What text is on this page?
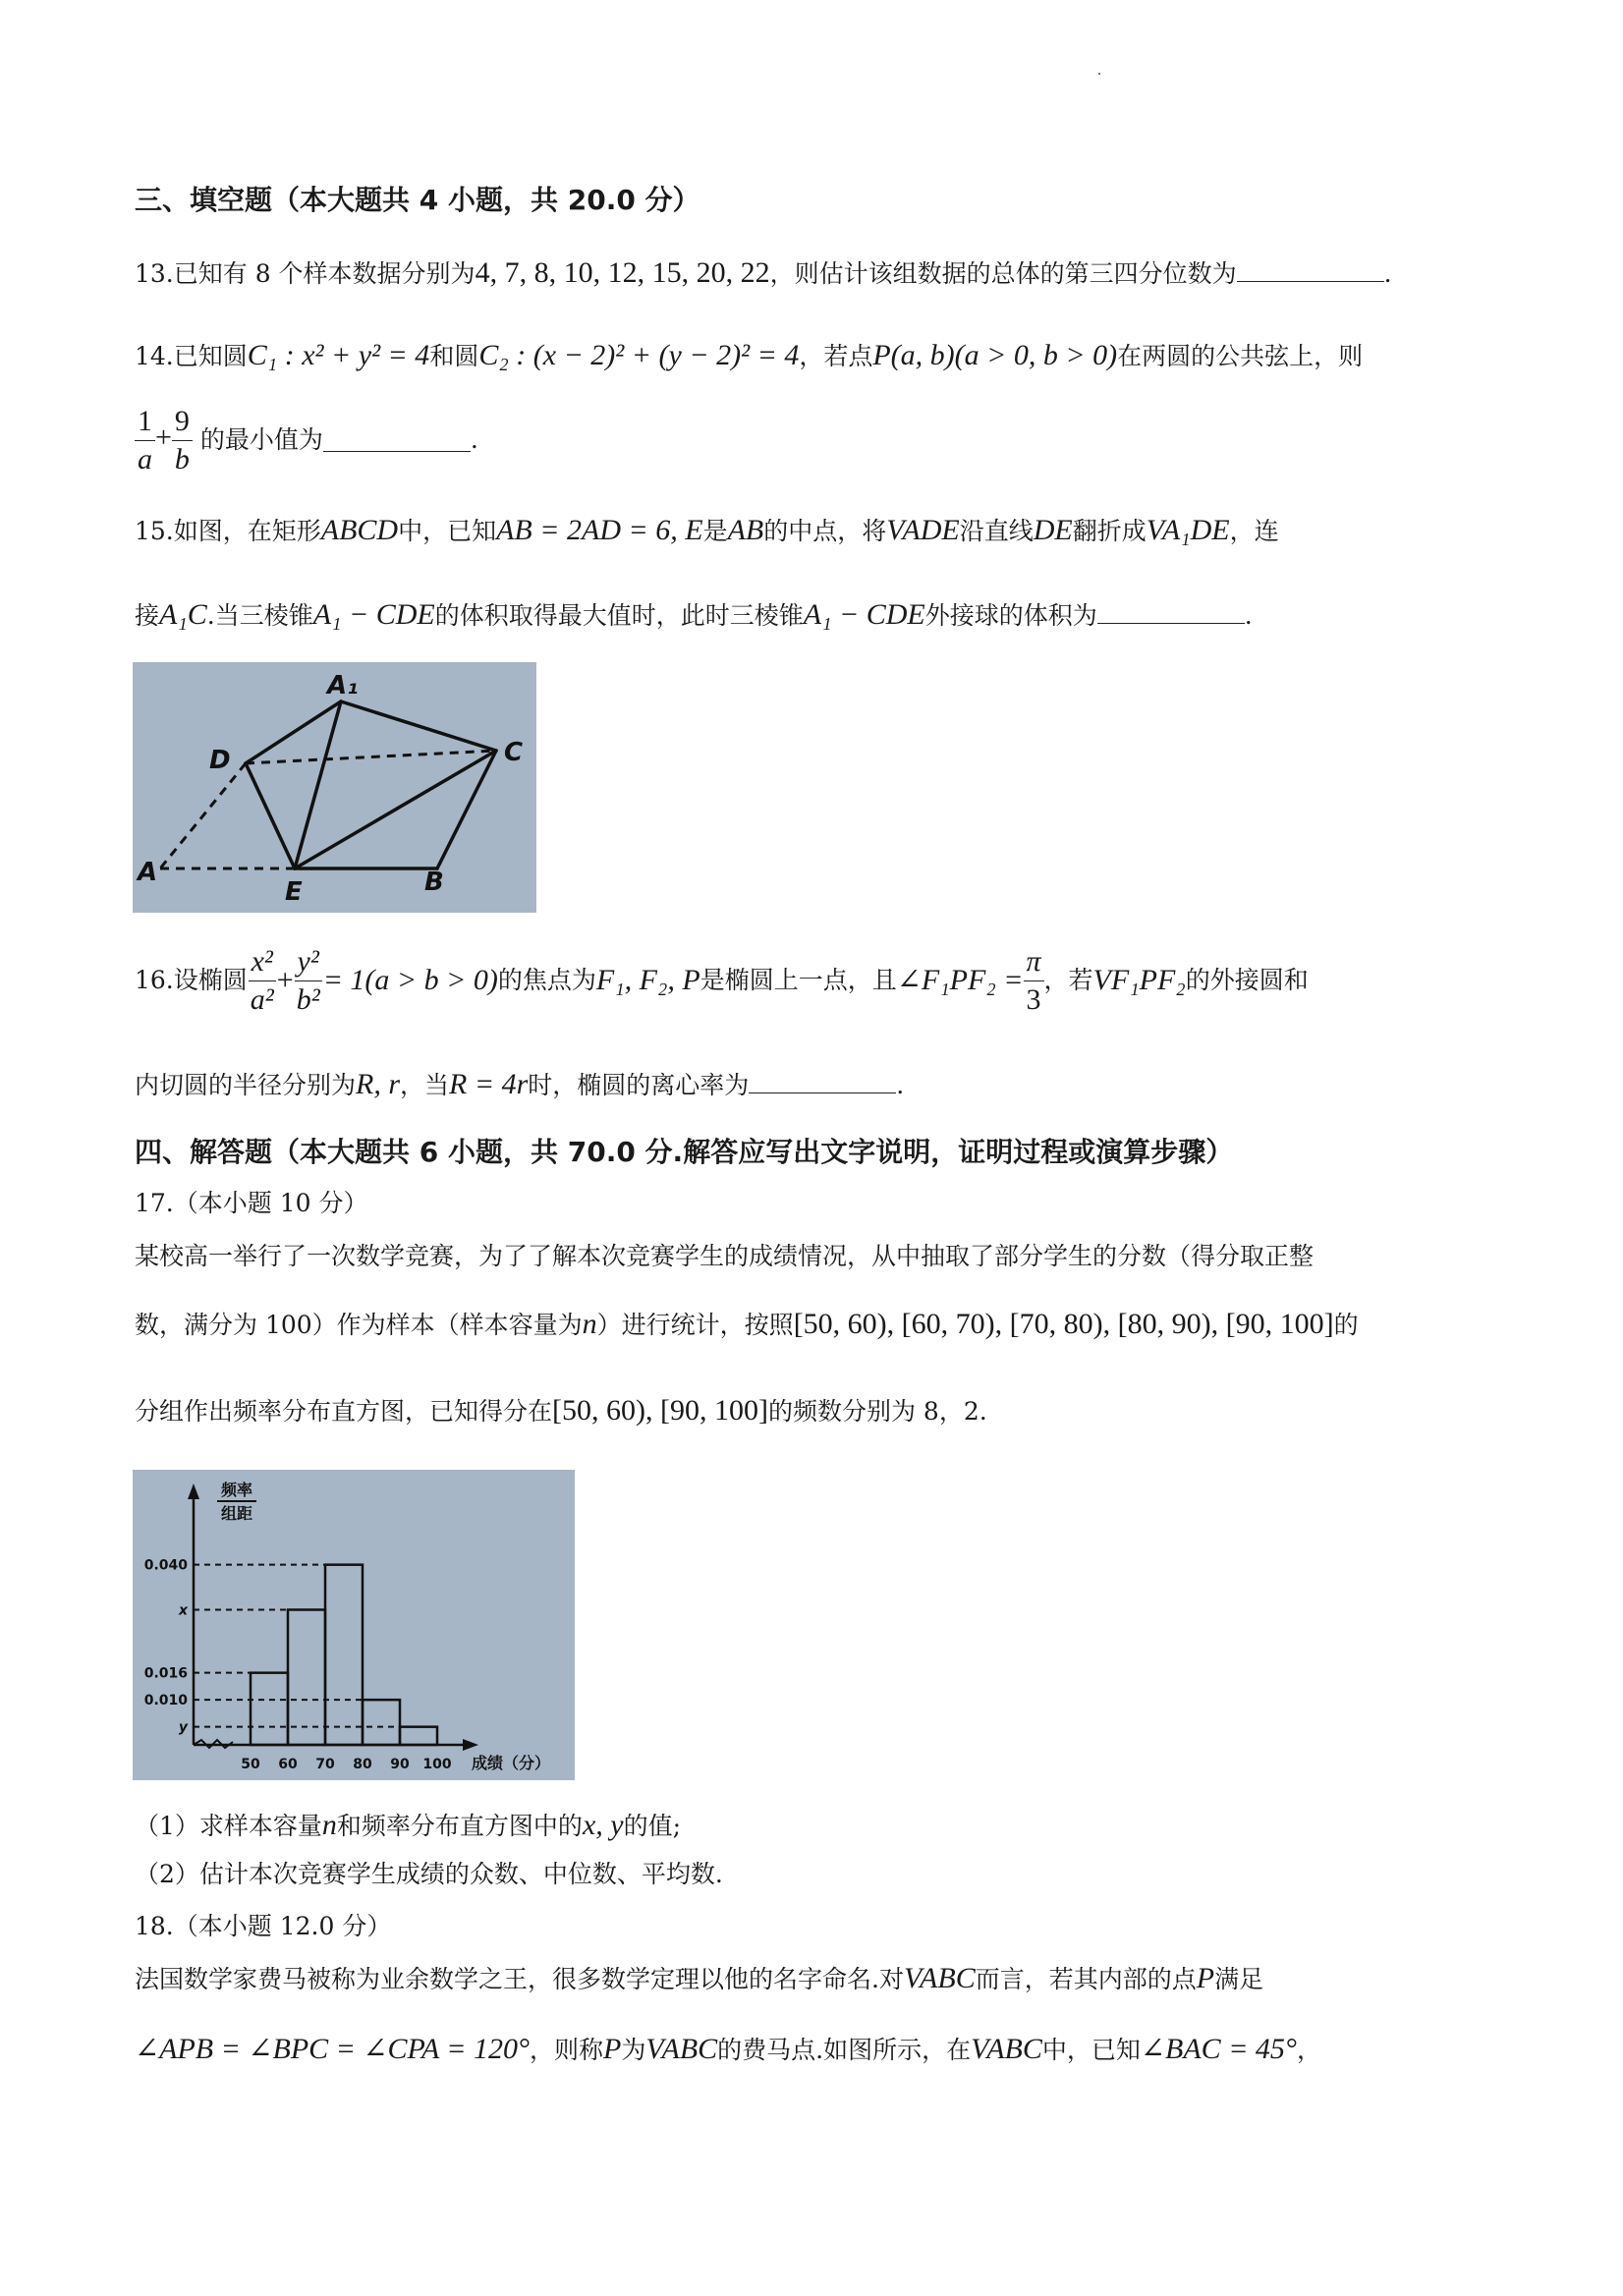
三、填空题（本大题共 4 小题，共 20.0 分）
13.已知有 8 个样本数据分别为4, 7, 8, 10, 12, 15, 20, 22，则估计该组数据的总体的第三四分位数为	.
14.已知圆C₁ : x² + y² = 4和圆C₂ : (x − 2)² + (y − 2)² = 4，若点P(a, b)(a > 0, b > 0)在两圆的公共弦上，则
$\frac{1}{a} + \frac{9}{b}$ 的最小值为	.
15.如图，在矩形ABCD中，已知AB = 2AD = 6, E是AB的中点，将VADE沿直线DE翻折成VA₁DE，连
接A₁C.当三棱锥A₁ − CDE的体积取得最大值时，此时三棱锥A₁ − CDE外接球的体积为	.
A₁
D	C
A
E	B
16.设椭圆 $\frac{\text{x²}}{\text{a²}} + \frac{\text{y²}}{\text{b²}} = 1(a > b > 0)$的焦点为F₁, F₂, P是椭圆上一点，且∠F₁PF₂ = $\frac{\pi}{3}$ ，若VF₁PF₂的外接圆和
内切圆的半径分别为R, r，当R = 4r时，椭圆的离心率为	.
四、解答题（本大题共 6 小题，共 70.0 分.解答应写出文字说明，证明过程或演算步骤）
17.（本小题 10 分）
某校高一举行了一次数学竞赛，为了了解本次竞赛学生的成绩情况，从中抽取了部分学生的分数（得分取正整
数，满分为 100）作为样本（样本容量为n）进行统计，按照[50, 60), [60, 70), [70, 80), [80, 90), [90, 100]的
分组作出频率分布直方图，已知得分在[50, 60), [90, 100]的频数分别为 8，2.
频率
组距
0.040
x
0.016
0.010
y
50 60 70 80 90 100 成绩（分）
（1）求样本容量n和频率分布直方图中的x, y的值;
（2）估计本次竞赛学生成绩的众数、中位数、平均数.
18.（本小题 12.0 分）
法国数学家费马被称为业余数学之王，很多数学定理以他的名字命名.对VABC而言，若其内部的点P满足
∠APB = ∠BPC = ∠CPA = 120°，则称P为VABC的费马点.如图所示，在VABC中，已知∠BAC = 45°，
